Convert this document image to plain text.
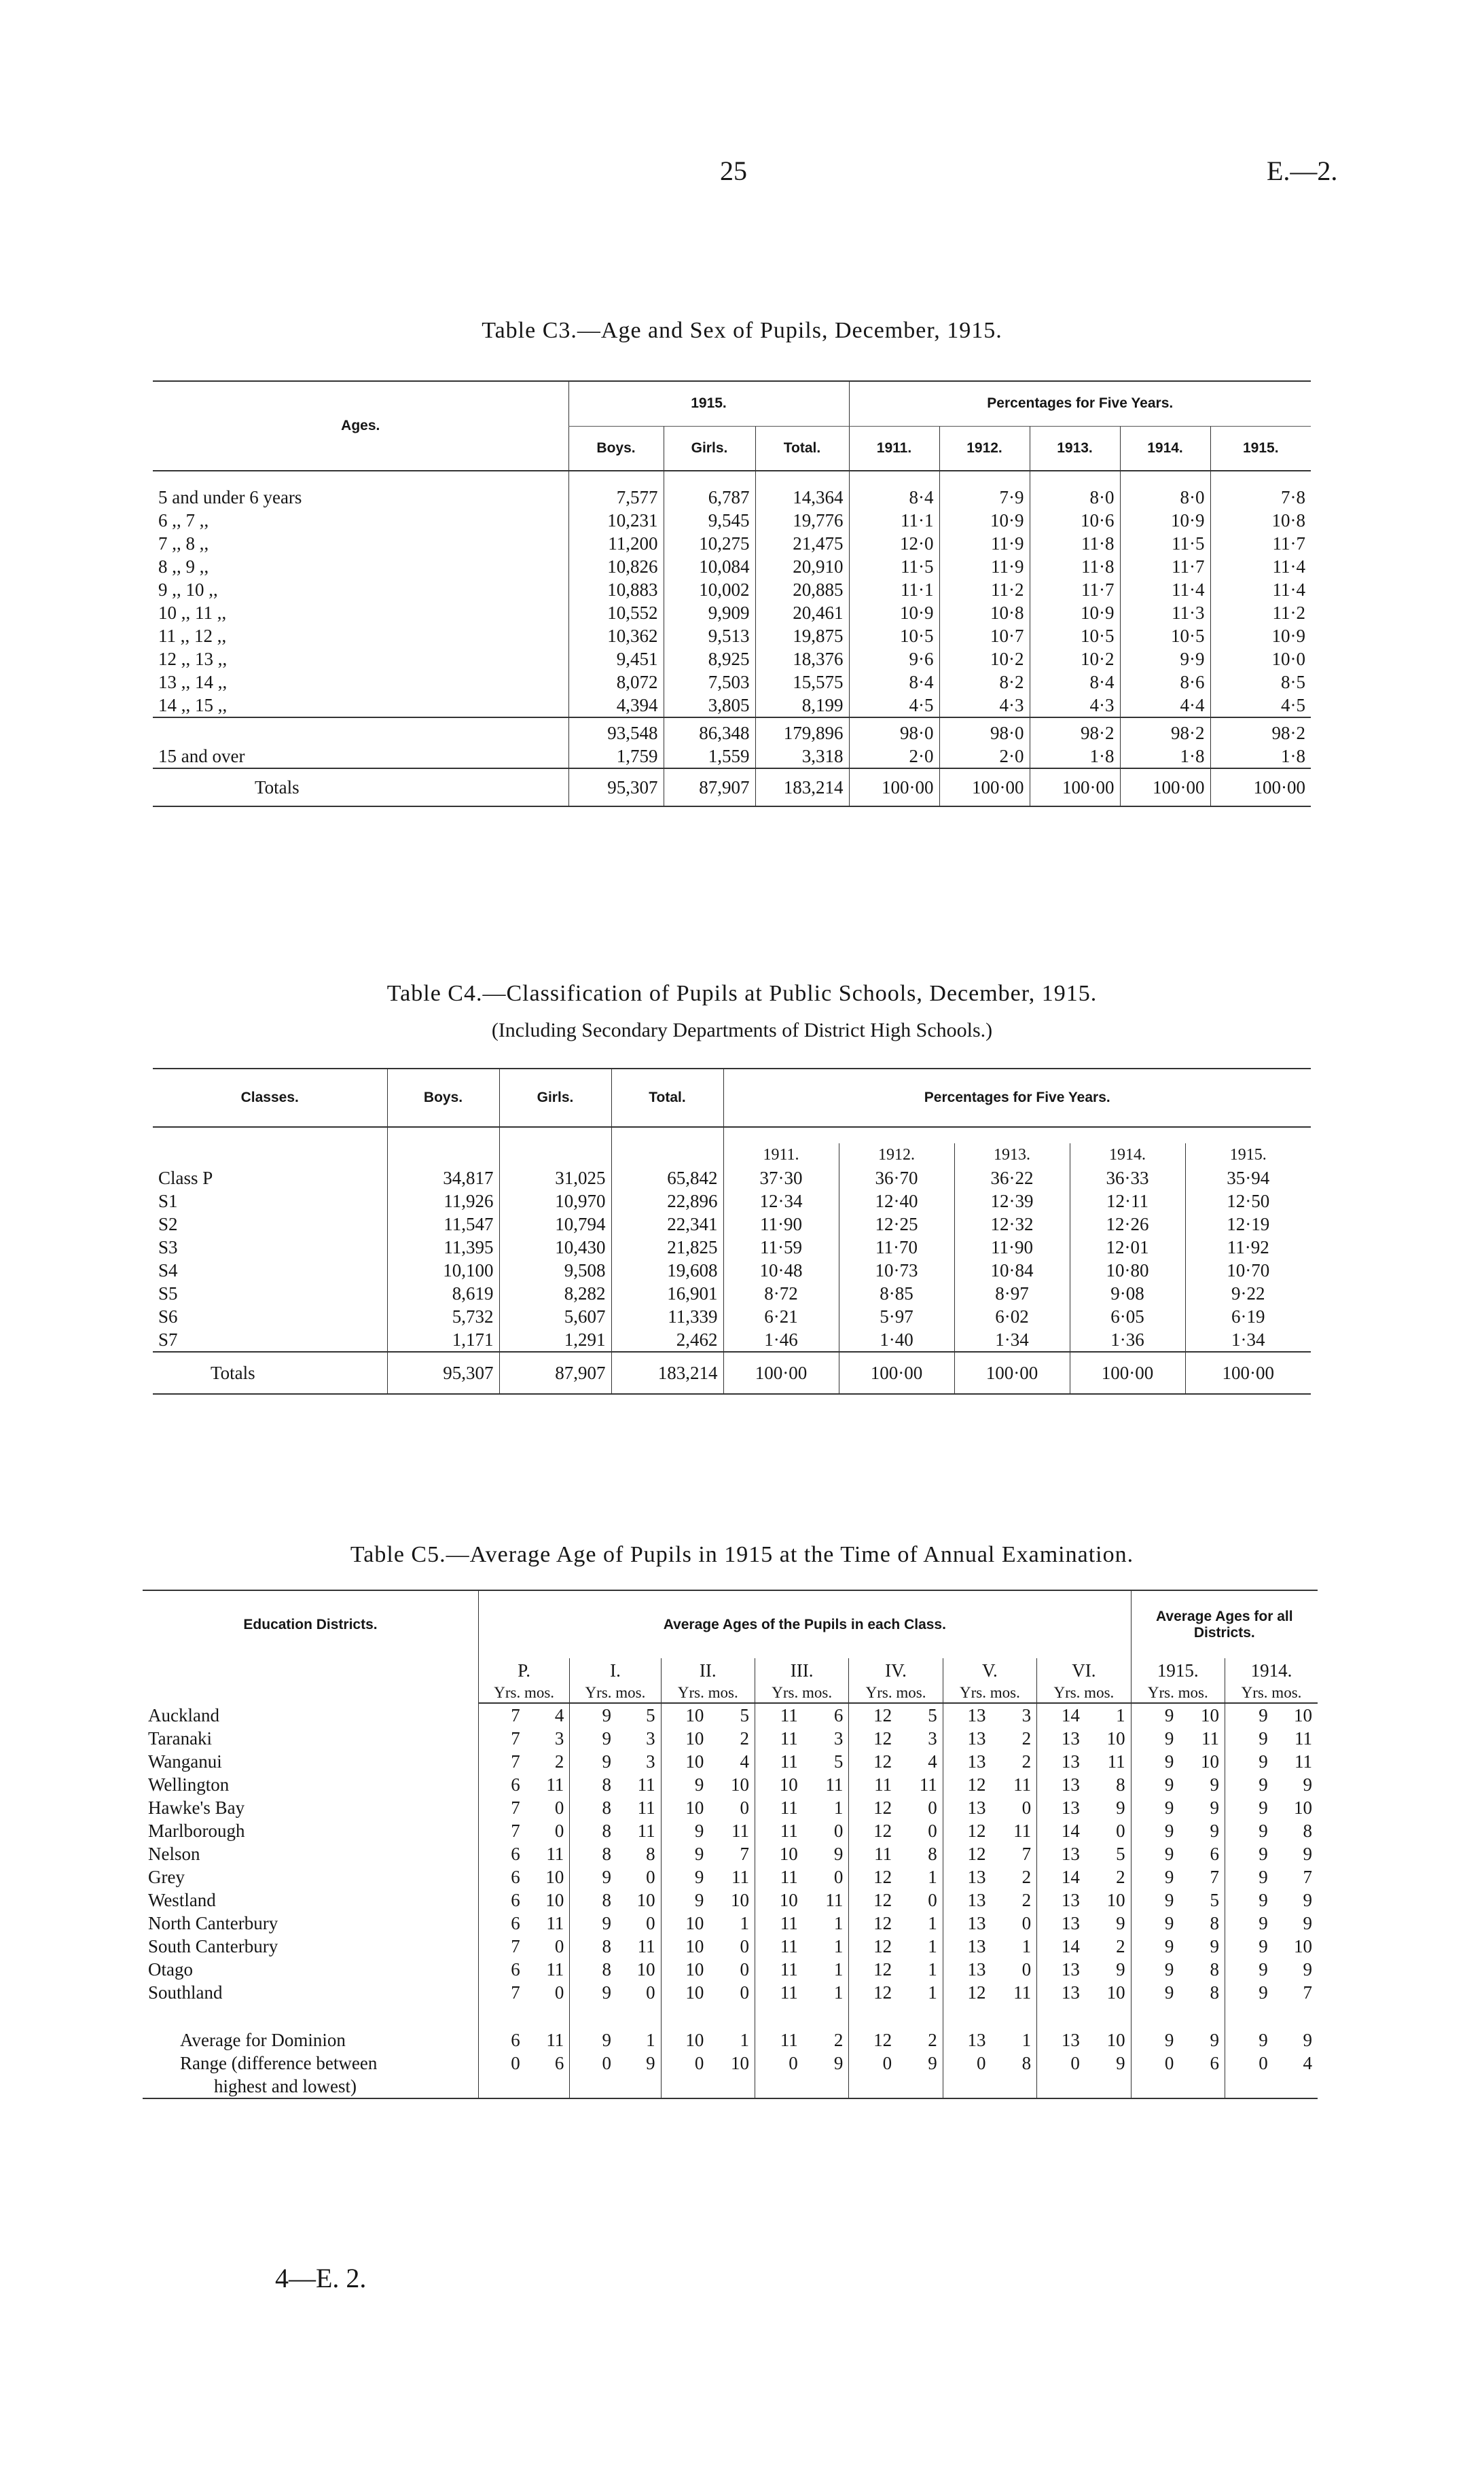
25	E.—2.
Table C3.—Age and Sex of Pupils, December, 1915.
Ages.	1915.			Percentages for Five Years.				
	Boys.	Girls.	Total.	1911.	1912.	1913.	1914.	1915.

5 and under 6 years	7,577	6,787	14,364	8·4	7·9	8·0	8·0	7·8
6 ,, 7 ,,	10,231	9,545	19,776	11·1	10·9	10·6	10·9	10·8
7 ,, 8 ,,	11,200	10,275	21,475	12·0	11·9	11·8	11·5	11·7
8 ,, 9 ,,	10,826	10,084	20,910	11·5	11·9	11·8	11·7	11·4
9 ,, 10 ,,	10,883	10,002	20,885	11·1	11·2	11·7	11·4	11·4
10 ,, 11 ,,	10,552	9,909	20,461	10·9	10·8	10·9	11·3	11·2
11 ,, 12 ,,	10,362	9,513	19,875	10·5	10·7	10·5	10·5	10·9
12 ,, 13 ,,	9,451	8,925	18,376	9·6	10·2	10·2	9·9	10·0
13 ,, 14 ,,	8,072	7,503	15,575	8·4	8·2	8·4	8·6	8·5
14 ,, 15 ,,	4,394	3,805	8,199	4·5	4·3	4·3	4·4	4·5
	93,548	86,348	179,896	98·0	98·0	98·2	98·2	98·2
15 and over	1,759	1,559	3,318	2·0	2·0	1·8	1·8	1·8
Totals	95,307	87,907	183,214	100·00	100·00	100·00	100·00	100·00
Table C4.—Classification of Pupils at Public Schools, December, 1915.
(Including Secondary Departments of District High Schools.)
Classes.	Boys.	Girls.	Total.	Percentages for Five Years.				

				1911.	1912.	1913.	1914.	1915.
Class P	34,817	31,025	65,842	37·30	36·70	36·22	36·33	35·94
S1	11,926	10,970	22,896	12·34	12·40	12·39	12·11	12·50
S2	11,547	10,794	22,341	11·90	12·25	12·32	12·26	12·19
S3	11,395	10,430	21,825	11·59	11·70	11·90	12·01	11·92
S4	10,100	9,508	19,608	10·48	10·73	10·84	10·80	10·70
S5	8,619	8,282	16,901	8·72	8·85	8·97	9·08	9·22
S6	5,732	5,607	11,339	6·21	5·97	6·02	6·05	6·19
S7	1,171	1,291	2,462	1·46	1·40	1·34	1·36	1·34
Totals	95,307	87,907	183,214	100·00	100·00	100·00	100·00	100·00
Table C5.—Average Age of Pupils in 1915 at the Time of Annual Examination.
Education Districts.	Average Ages of the Pupils in each Class.														Average Ages for all Districts.			
	P.		I.		II.		III.		IV.		V.		VI.		1915.		1914.	
	Yrs. mos.		Yrs. mos.		Yrs. mos.		Yrs. mos.		Yrs. mos.		Yrs. mos.		Yrs. mos.		Yrs. mos.		Yrs. mos.	
Auckland	7	4	9	5	10	5	11	6	12	5	13	3	14	1	9	10	9	10
Taranaki	7	3	9	3	10	2	11	3	12	3	13	2	13	10	9	11	9	11
Wanganui	7	2	9	3	10	4	11	5	12	4	13	2	13	11	9	10	9	11
Wellington	6	11	8	11	9	10	10	11	11	11	12	11	13	8	9	9	9	9
Hawke's Bay	7	0	8	11	10	0	11	1	12	0	13	0	13	9	9	9	9	10
Marlborough	7	0	8	11	9	11	11	0	12	0	12	11	14	0	9	9	9	8
Nelson	6	11	8	8	9	7	10	9	11	8	12	7	13	5	9	6	9	9
Grey	6	10	9	0	9	11	11	0	12	1	13	2	14	2	9	7	9	7
Westland	6	10	8	10	9	10	10	11	12	0	13	2	13	10	9	5	9	9
North Canterbury	6	11	9	0	10	1	11	1	12	1	13	0	13	9	9	8	9	9
South Canterbury	7	0	8	11	10	0	11	1	12	1	13	1	14	2	9	9	9	10
Otago	6	11	8	10	10	0	11	1	12	1	13	0	13	9	9	8	9	9
Southland	7	0	9	0	10	0	11	1	12	1	12	11	13	10	9	8	9	7

Average for Dominion	6	11	9	1	10	1	11	2	12	2	13	1	13	10	9	9	9	9
Range (difference between	0	6	0	9	0	10	0	9	0	9	0	8	0	9	0	6	0	4
highest and lowest)																		
4—E. 2.
